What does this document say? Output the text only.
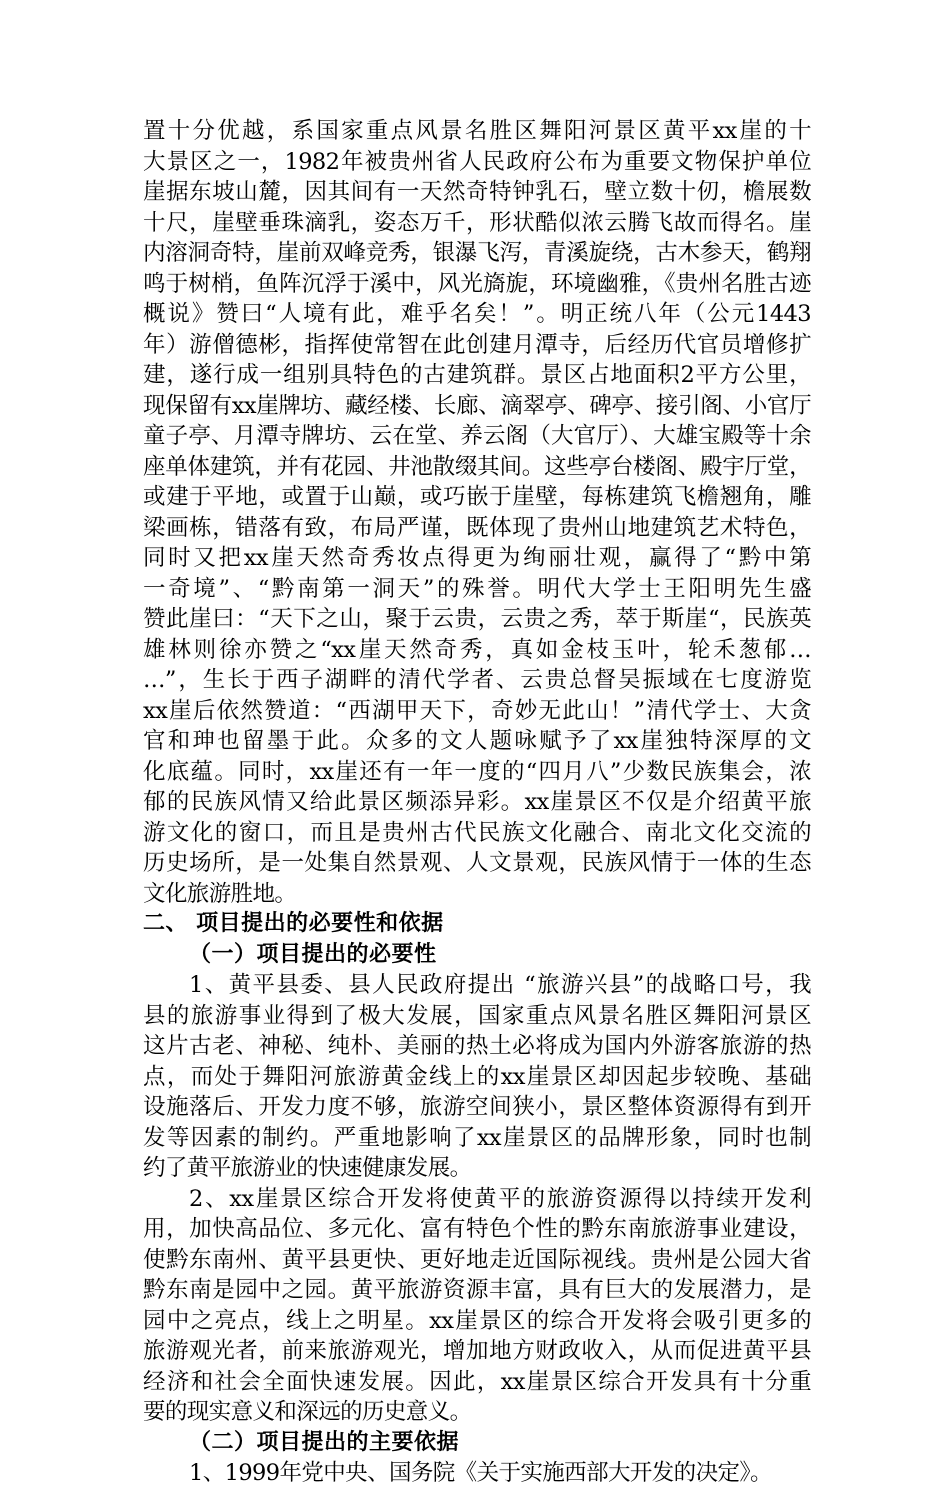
置十分优越，系国家重点风景名胜区舞阳河景区黄平xx崖的十
大景区之一，1982年被贵州省人民政府公布为重要文物保护单位
崖据东坡山麓，因其间有一天然奇特钟乳石，壁立数十仞，檐展数
十尺，崖壁垂珠滴乳，姿态万千，形状酷似浓云腾飞故而得名。崖
内溶洞奇特，崖前双峰竞秀，银瀑飞泻，青溪旋绕，古木参天，鹤翔
鸣于树梢，鱼阵沉浮于溪中，风光旖旎，环境幽雅，《贵州名胜古迹
概说》赞曰“人境有此，难乎名矣！”。明正统八年（公元1443
年）游僧德彬，指挥使常智在此创建月潭寺，后经历代官员增修扩
建，遂行成一组别具特色的古建筑群。景区占地面积2平方公里，
现保留有xx崖牌坊、藏经楼、长廊、滴翠亭、碑亭、接引阁、小官厅
童子亭、月潭寺牌坊、云在堂、养云阁（大官厅）、大雄宝殿等十余
座单体建筑，并有花园、井池散缀其间。这些亭台楼阁、殿宇厅堂，
或建于平地，或置于山巅，或巧嵌于崖壁，每栋建筑飞檐翘角，雕
梁画栋，错落有致，布局严谨，既体现了贵州山地建筑艺术特色，
同时又把xx崖天然奇秀妆点得更为绚丽壮观，赢得了“黔中第
一奇境”、“黔南第一洞天”的殊誉。明代大学士王阳明先生盛
赞此崖曰：“天下之山，聚于云贵，云贵之秀，萃于斯崖“，民族英
雄林则徐亦赞之“xx崖天然奇秀，真如金枝玉叶，轮禾葱郁…
…”，生长于西子湖畔的清代学者、云贵总督吴振域在七度游览
xx崖后依然赞道：“西湖甲天下，奇妙无此山！”清代学士、大贪
官和珅也留墨于此。众多的文人题咏赋予了xx崖独特深厚的文
化底蕴。同时，xx崖还有一年一度的“四月八”少数民族集会，浓
郁的民族风情又给此景区频添异彩。xx崖景区不仅是介绍黄平旅
游文化的窗口，而且是贵州古代民族文化融合、南北文化交流的
历史场所，是一处集自然景观、人文景观，民族风情于一体的生态
文化旅游胜地。
二、 项目提出的必要性和依据
（一）项目提出的必要性
1、黄平县委、县人民政府提出 “旅游兴县”的战略口号，我
县的旅游事业得到了极大发展，国家重点风景名胜区舞阳河景区
这片古老、神秘、纯朴、美丽的热土必将成为国内外游客旅游的热
点，而处于舞阳河旅游黄金线上的xx崖景区却因起步较晚、基础
设施落后、开发力度不够，旅游空间狭小，景区整体资源得有到开
发等因素的制约。严重地影响了xx崖景区的品牌形象，同时也制
约了黄平旅游业的快速健康发展。
2、xx崖景区综合开发将使黄平的旅游资源得以持续开发利
用，加快高品位、多元化、富有特色个性的黔东南旅游事业建设，
使黔东南州、黄平县更快、更好地走近国际视线。贵州是公园大省
黔东南是园中之园。黄平旅游资源丰富，具有巨大的发展潜力，是
园中之亮点，线上之明星。xx崖景区的综合开发将会吸引更多的
旅游观光者，前来旅游观光，增加地方财政收入，从而促进黄平县
经济和社会全面快速发展。因此，xx崖景区综合开发具有十分重
要的现实意义和深远的历史意义。
（二）项目提出的主要依据
1、1999年党中央、国务院《关于实施西部大开发的决定》。
